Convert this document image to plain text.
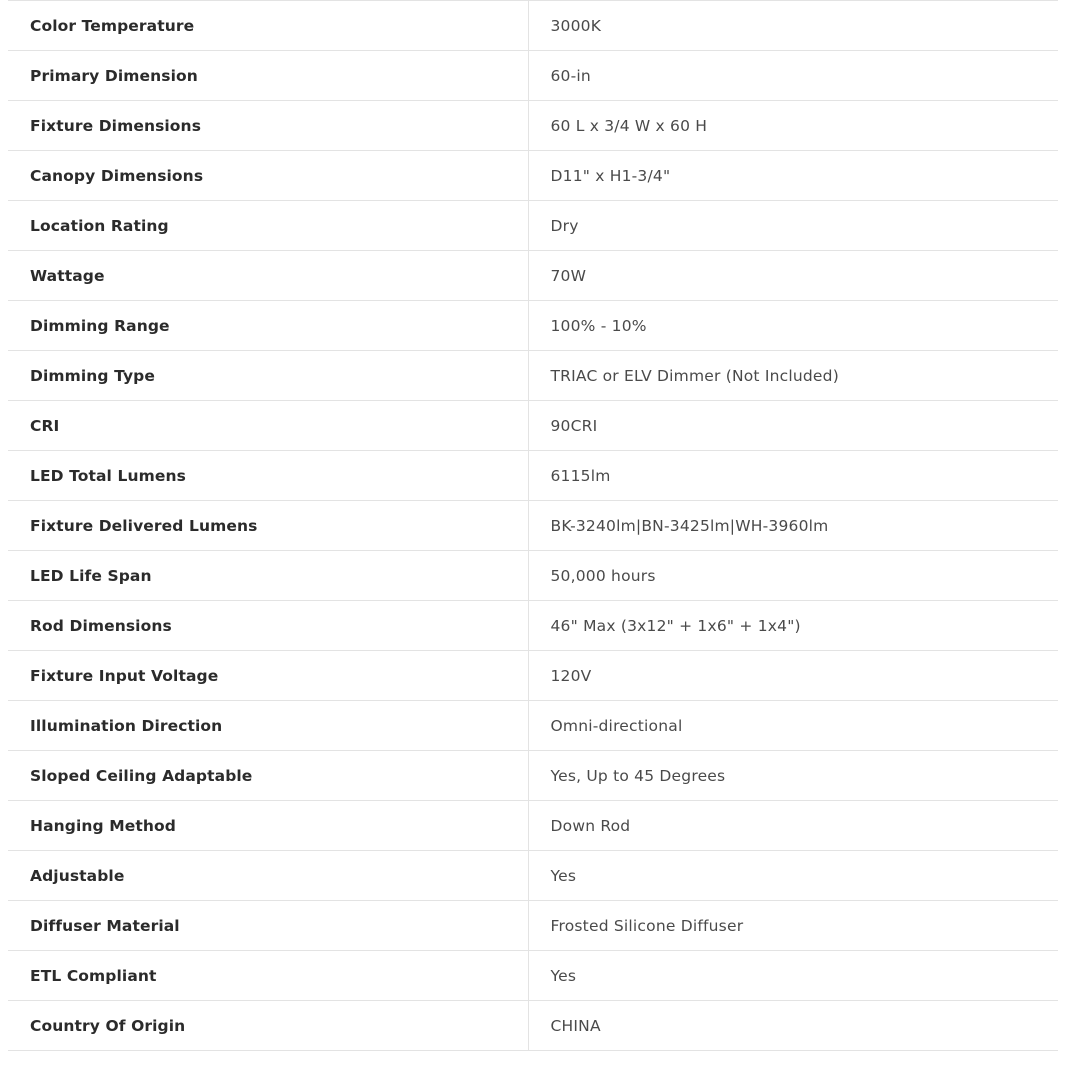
Color Temperature	3000K
Primary Dimension	60-in
Fixture Dimensions	60 L x 3/4 W x 60 H
Canopy Dimensions	D11" x H1-3/4"
Location Rating	Dry
Wattage	70W
Dimming Range	100% - 10%
Dimming Type	TRIAC or ELV Dimmer (Not Included)
CRI	90CRI
LED Total Lumens	6115lm
Fixture Delivered Lumens	BK-3240lm|BN-3425lm|WH-3960lm
LED Life Span	50,000 hours
Rod Dimensions	46" Max (3x12" + 1x6" + 1x4")
Fixture Input Voltage	120V
Illumination Direction	Omni-directional
Sloped Ceiling Adaptable	Yes, Up to 45 Degrees
Hanging Method	Down Rod
Adjustable	Yes
Diffuser Material	Frosted Silicone Diffuser
ETL Compliant	Yes
Country Of Origin	CHINA
